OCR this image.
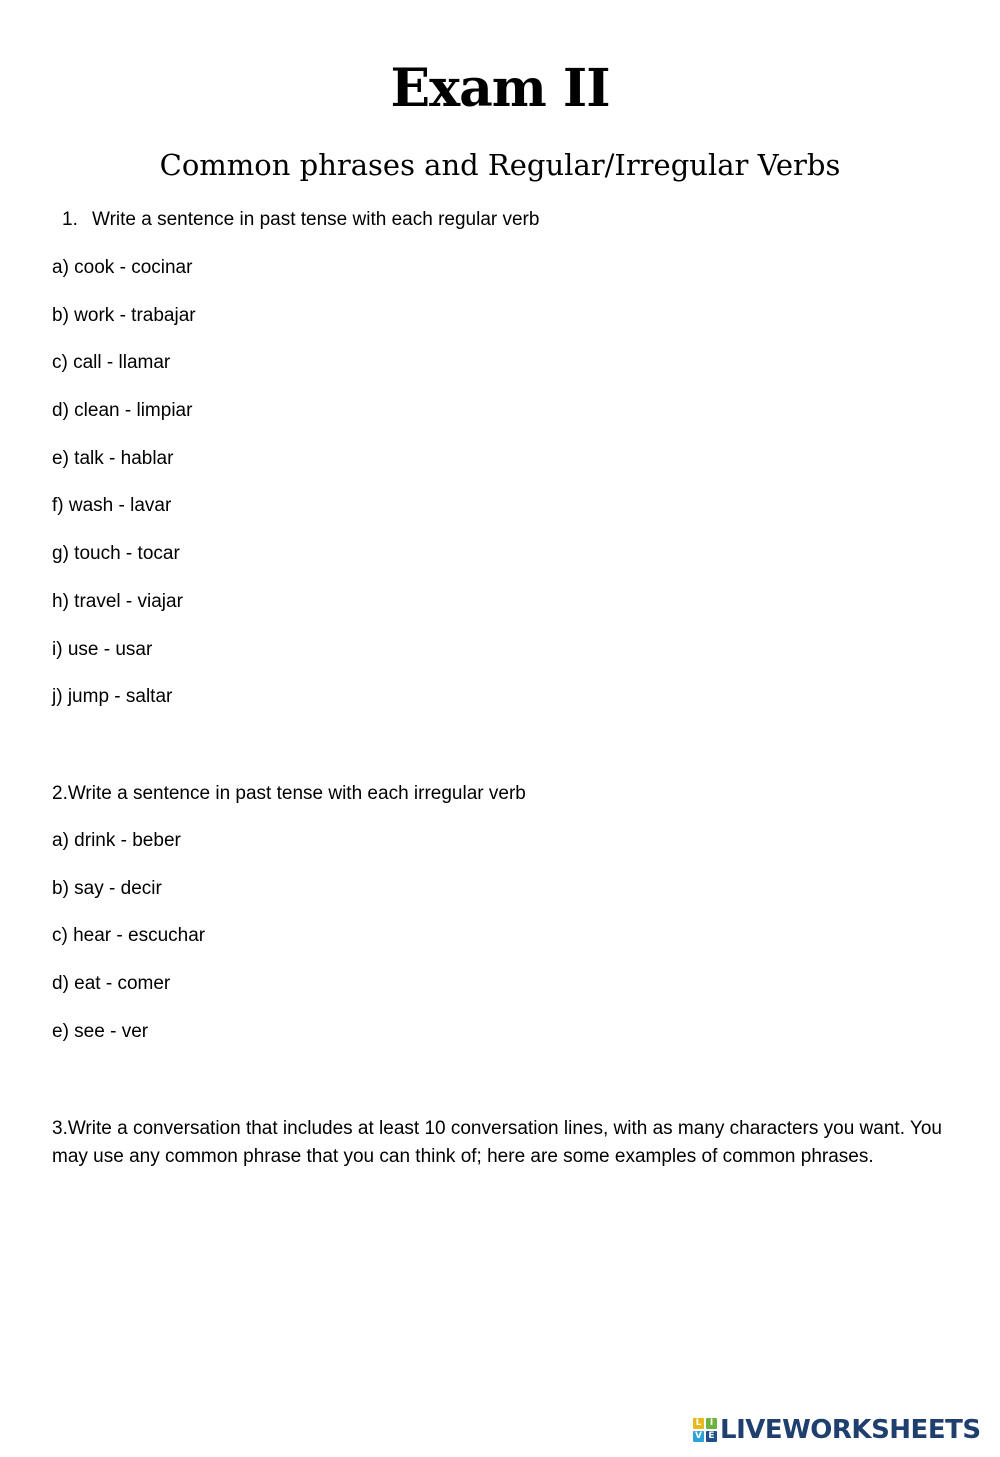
Exam II
Common phrases and Regular/Irregular Verbs
1. Write a sentence in past tense with each regular verb
a) cook - cocinar
b) work - trabajar
c) call - llamar
d) clean - limpiar
e) talk - hablar
f) wash - lavar
g) touch - tocar
h) travel - viajar
i) use - usar
j) jump - saltar
2.Write a sentence in past tense with each irregular verb
a) drink - beber
b) say - decir
c) hear - escuchar
d) eat - comer
e) see - ver

3.Write a conversation that includes at least 10 conversation lines, with as many characters you want. You may use any common phrase that you can think of; here are some examples of common phrases.

L I
V E LIVEWORKSHEETS
